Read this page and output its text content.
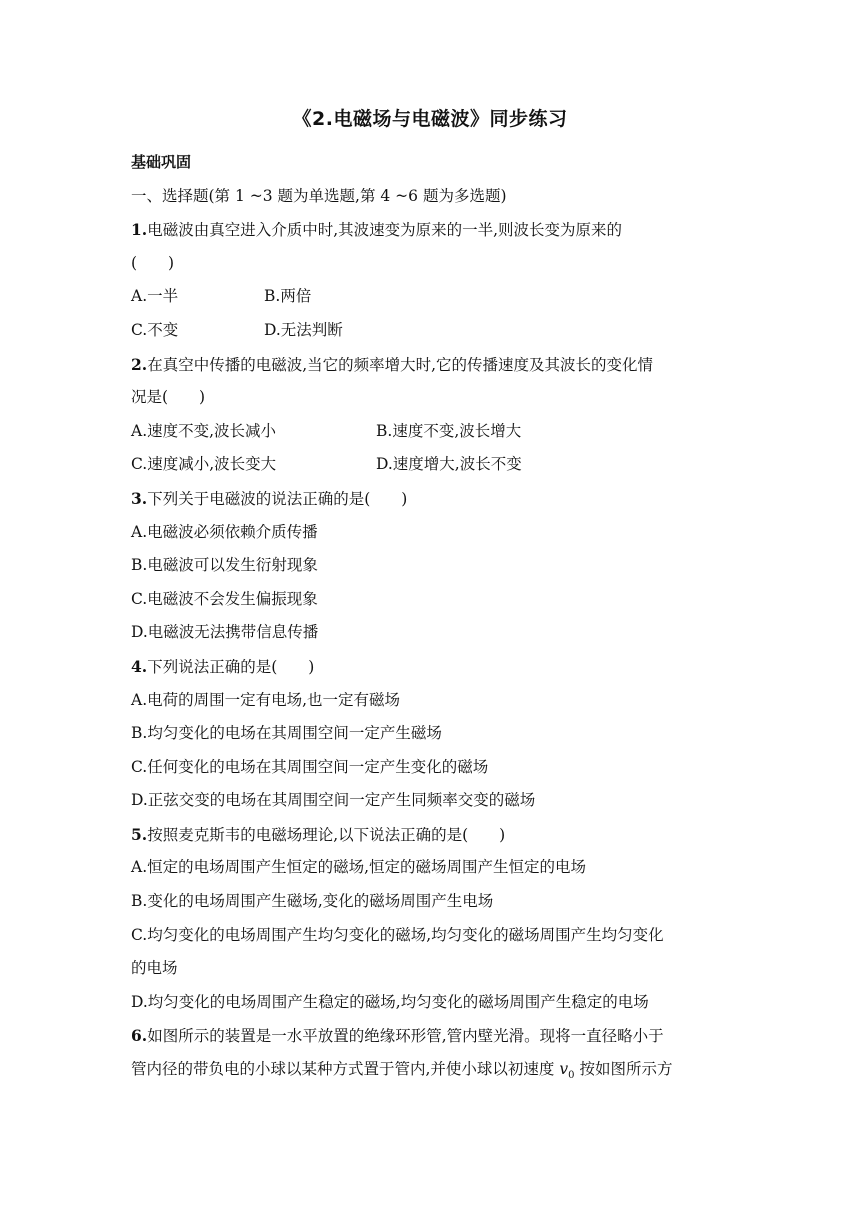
《2.电磁场与电磁波》同步练习
基础巩固
一、选择题(第 1 ~3 题为单选题,第 4 ~6 题为多选题)
1.电磁波由真空进入介质中时,其波速变为原来的一半,则波长变为原来的
(　　)
A.一半	B.两倍
C.不变	D.无法判断
2.在真空中传播的电磁波,当它的频率增大时,它的传播速度及其波长的变化情
况是(　　)
A.速度不变,波长减小	B.速度不变,波长增大
C.速度减小,波长变大	D.速度增大,波长不变
3.下列关于电磁波的说法正确的是(　　)
A.电磁波必须依赖介质传播
B.电磁波可以发生衍射现象
C.电磁波不会发生偏振现象
D.电磁波无法携带信息传播
4.下列说法正确的是(　　)
A.电荷的周围一定有电场,也一定有磁场
B.均匀变化的电场在其周围空间一定产生磁场
C.任何变化的电场在其周围空间一定产生变化的磁场
D.正弦交变的电场在其周围空间一定产生同频率交变的磁场
5.按照麦克斯韦的电磁场理论,以下说法正确的是(　　)
A.恒定的电场周围产生恒定的磁场,恒定的磁场周围产生恒定的电场
B.变化的电场周围产生磁场,变化的磁场周围产生电场
C.均匀变化的电场周围产生均匀变化的磁场,均匀变化的磁场周围产生均匀变化
的电场
D.均匀变化的电场周围产生稳定的磁场,均匀变化的磁场周围产生稳定的电场
6.如图所示的装置是一水平放置的绝缘环形管,管内壁光滑。现将一直径略小于
管内径的带负电的小球以某种方式置于管内,并使小球以初速度 $v_0$ 按如图所示方
